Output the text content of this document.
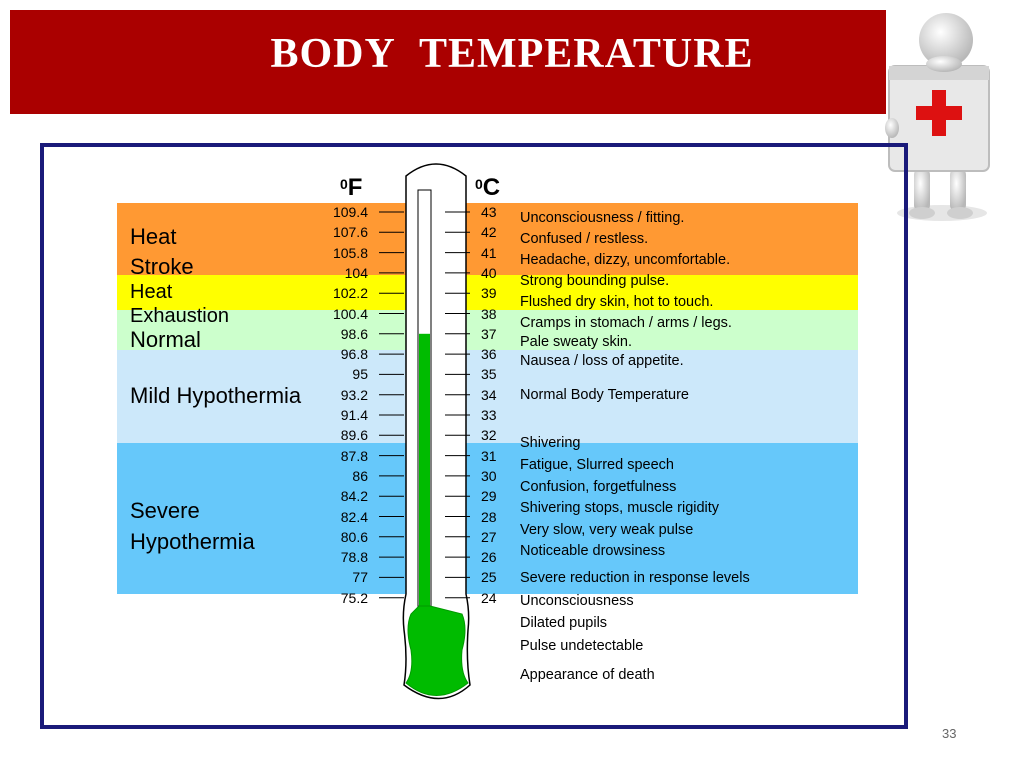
BODY TEMPERATURE
Heat
Stroke
Heat
Exhaustion
Normal
Mild Hypothermia
Severe
Hypothermia
$^0$F	$^0$C
109.4
107.6
105.8
104
102.2
100.4
98.6
96.8
95
93.2
91.4
89.6
87.8
86
84.2
82.4
80.6
78.8
77
75.2
43
42
41
40
39
38
37
36
35
34
33
32
31
30
29
28
27
26
25
24
Unconsciousness / fitting.
Confused / restless.
Headache, dizzy, uncomfortable.
Strong bounding pulse.
Flushed dry skin, hot to touch.
Cramps in stomach / arms / legs.
Pale sweaty skin.
Nausea / loss of appetite.
Normal Body Temperature
Shivering
Fatigue, Slurred speech
Confusion, forgetfulness
Shivering stops, muscle rigidity
Very slow, very weak pulse
Noticeable drowsiness
Severe reduction in response levels
Unconsciousness
Dilated pupils
Pulse undetectable
Appearance of death
33
